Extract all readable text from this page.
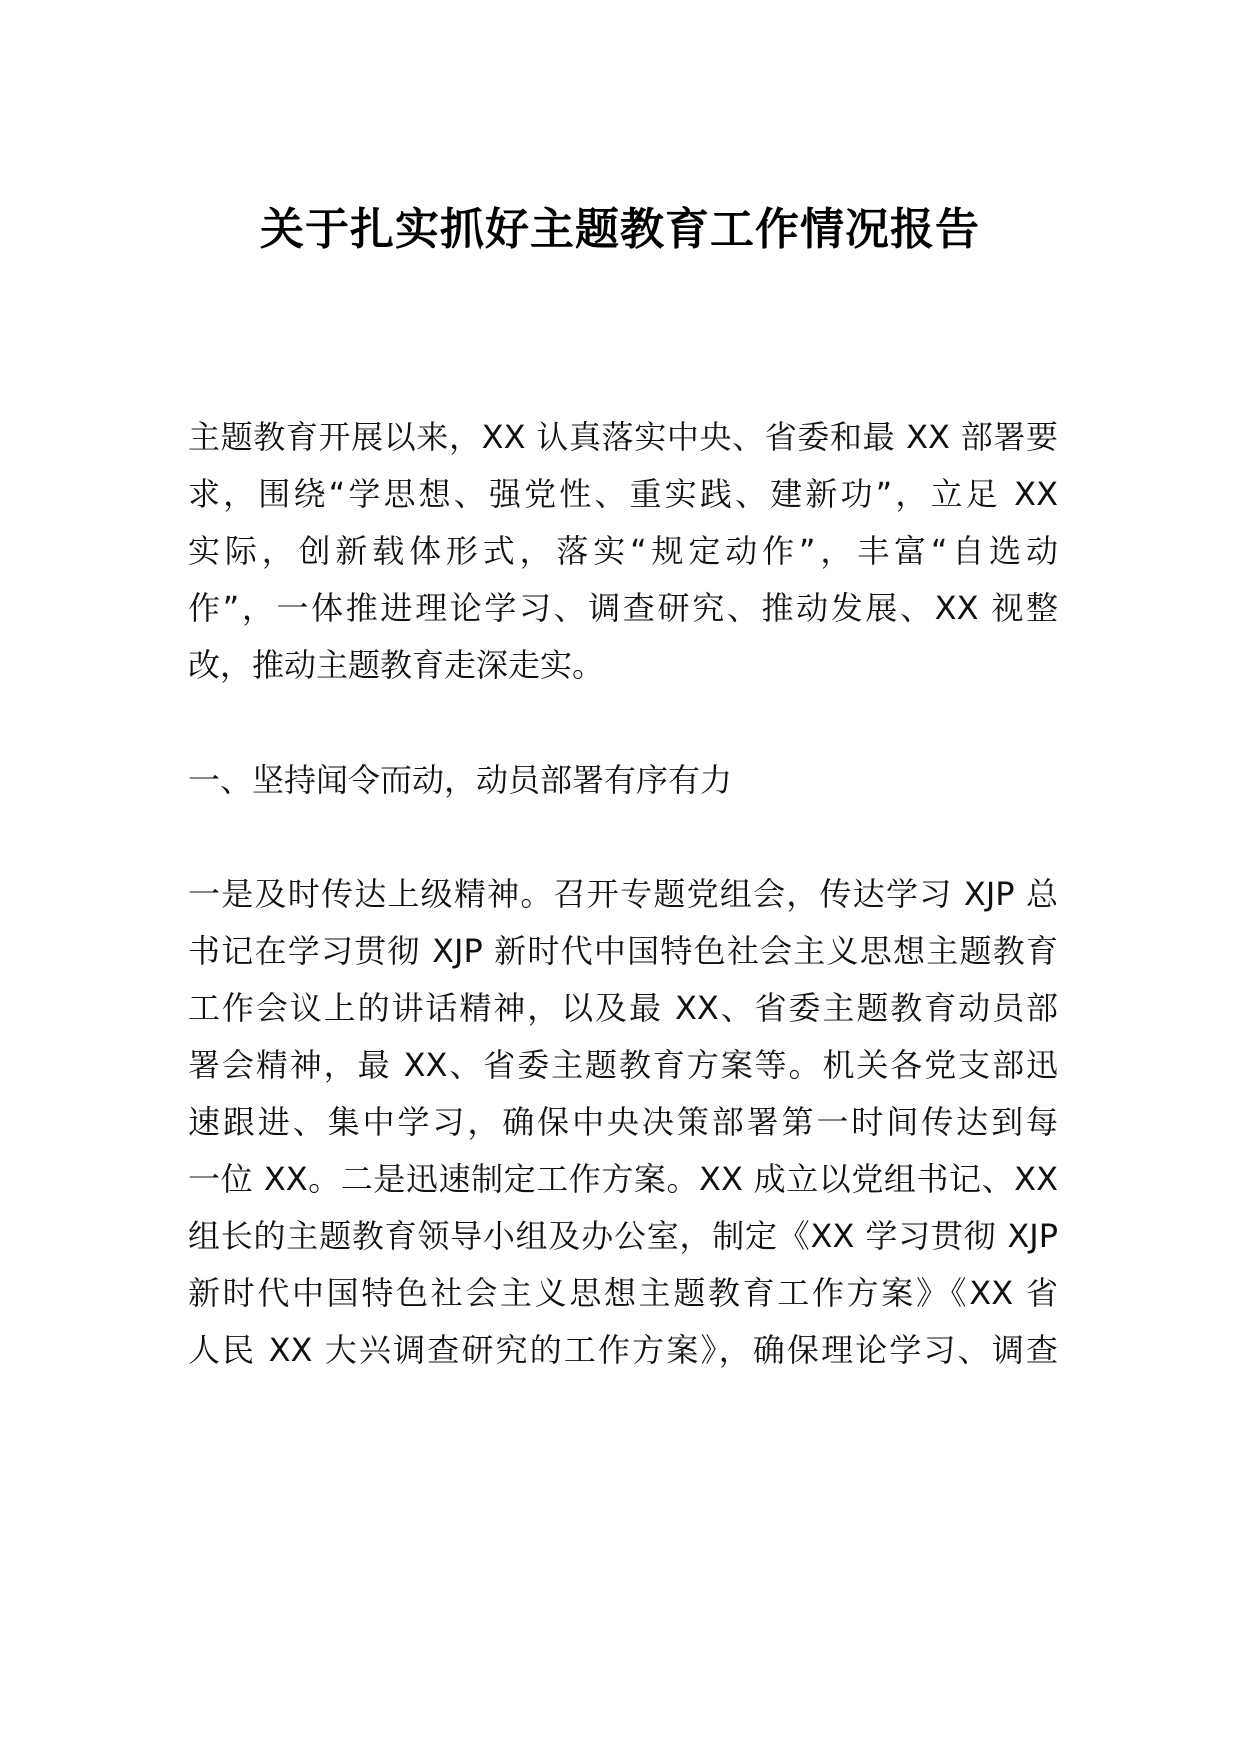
关于扎实抓好主题教育工作情况报告

主题教育开展以来，XX 认真落实中央、省委和最 XX 部署要

求，围绕“学思想、强党性、重实践、建新功”，立足 XX

实际，创新载体形式，落实“规定动作”，丰富“自选动

作”，一体推进理论学习、调查研究、推动发展、XX 视整

改，推动主题教育走深走实。

一、坚持闻令而动，动员部署有序有力

一是及时传达上级精神。召开专题党组会，传达学习 XJP 总

书记在学习贯彻 XJP 新时代中国特色社会主义思想主题教育

工作会议上的讲话精神，以及最 XX、省委主题教育动员部

署会精神，最 XX、省委主题教育方案等。机关各党支部迅

速跟进、集中学习，确保中央决策部署第一时间传达到每

一位 XX。二是迅速制定工作方案。XX 成立以党组书记、XX

组长的主题教育领导小组及办公室，制定《XX 学习贯彻 XJP

新时代中国特色社会主义思想主题教育工作方案》《XX 省

人民 XX 大兴调查研究的工作方案》，确保理论学习、调查
